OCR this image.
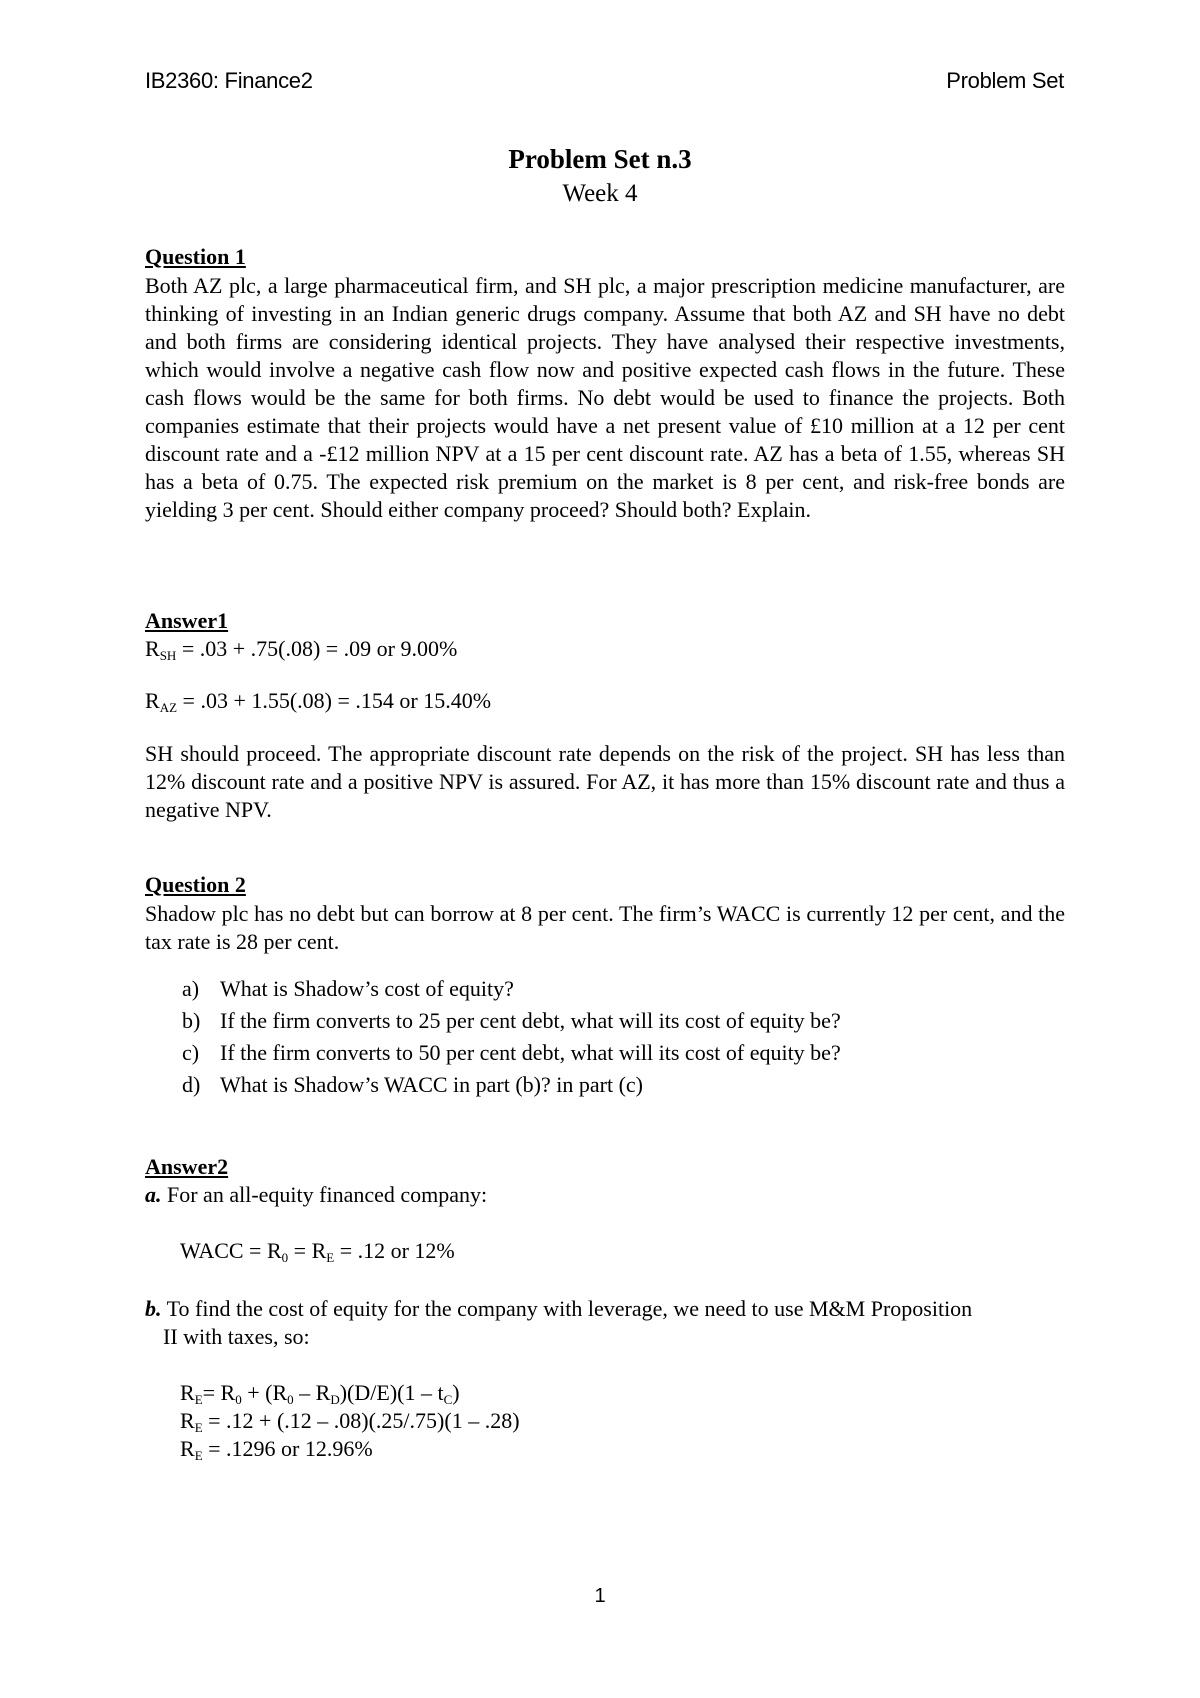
IB2360: Finance2	Problem Set
Problem Set n.3
Week 4
Question 1
Both AZ plc, a large pharmaceutical firm, and SH plc, a major prescription medicine manufacturer, are thinking of investing in an Indian generic drugs company. Assume that both AZ and SH have no debt and both firms are considering identical projects. They have analysed their respective investments, which would involve a negative cash flow now and positive expected cash flows in the future. These cash flows would be the same for both firms. No debt would be used to finance the projects. Both companies estimate that their projects would have a net present value of £10 million at a 12 per cent discount rate and a -£12 million NPV at a 15 per cent discount rate. AZ has a beta of 1.55, whereas SH has a beta of 0.75. The expected risk premium on the market is 8 per cent, and risk-free bonds are yielding 3 per cent. Should either company proceed? Should both? Explain.
Answer1
$R_{SH} = .03 + .75(.08) = .09$ or 9.00%
$R_{AZ} = .03 + 1.55(.08) = .154$ or 15.40%
SH should proceed. The appropriate discount rate depends on the risk of the project. SH has less than 12% discount rate and a positive NPV is assured. For AZ, it has more than 15% discount rate and thus a negative NPV.
Question 2
Shadow plc has no debt but can borrow at 8 per cent. The firm’s WACC is currently 12 per cent, and the tax rate is 28 per cent.
a) What is Shadow’s cost of equity?
b) If the firm converts to 25 per cent debt, what will its cost of equity be?
c) If the firm converts to 50 per cent debt, what will its cost of equity be?
d) What is Shadow’s WACC in part (b)? in part (c)
Answer2
a. For an all-equity financed company:
WACC = $R_0 = R_E = .12$ or 12%
b. To find the cost of equity for the company with leverage, we need to use M&M Proposition
II with taxes, so:
$R_E= R_0 + (R_0 - R_D)(D/E)(1 - t_C)$
$R_E = .12 + (.12 - .08)(.25/.75)(1 - .28)$
$R_E = .1296$ or 12.96%
1
